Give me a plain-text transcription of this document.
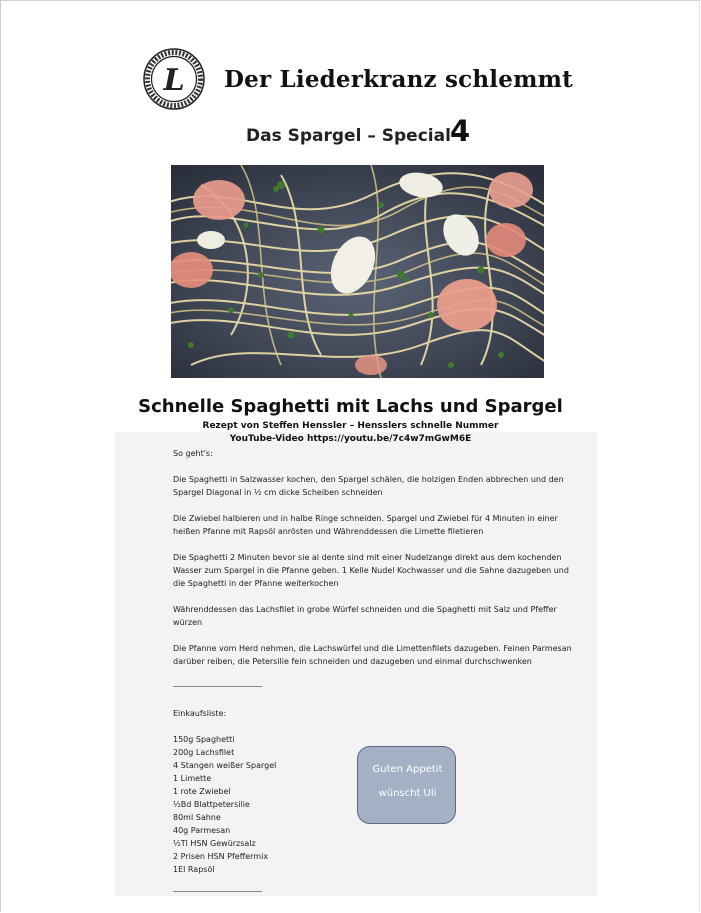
L Der Liederkranz schlemmt
Das Spargel – Special 4
Schnelle Spaghetti mit Lachs und Spargel
Rezept von Steffen Henssler – Hensslers schnelle Nummer
YouTube-Video https://youtu.be/7c4w7mGwM6E
So geht's:
Die Spaghetti in Salzwasser kochen, den Spargel schälen, die holzigen Enden abbrechen und den
Spargel Diagonal in ½ cm dicke Scheiben schneiden
Die Zwiebel halbieren und in halbe Ringe schneiden. Spargel und Zwiebel für 4 Minuten in einer
heißen Pfanne mit Rapsöl anrösten und Währenddessen die Limette filetieren
Die Spaghetti 2 Minuten bevor sie al dente sind mit einer Nudelzange direkt aus dem kochenden
Wasser zum Spargel in die Pfanne geben. 1 Kelle Nudel Kochwasser und die Sahne dazugeben und
die Spaghetti in der Pfanne weiterkochen
Währenddessen das Lachsfilet in grobe Würfel schneiden und die Spaghetti mit Salz und Pfeffer
würzen
Die Pfanne vom Herd nehmen, die Lachswürfel und die Limettenfilets dazugeben. Feinen Parmesan
darüber reiben, die Petersilie fein schneiden und dazugeben und einmal durchschwenken
Einkaufsliste:
150g Spaghetti
200g Lachsfilet
4 Stangen weißer Spargel
1 Limette
1 rote Zwiebel
½Bd Blattpetersilie
80ml Sahne
40g Parmesan
½Tl HSN Gewürzsalz
2 Prisen HSN Pfeffermix
1El Rapsöl
Guten Appetit
wünscht Uli
